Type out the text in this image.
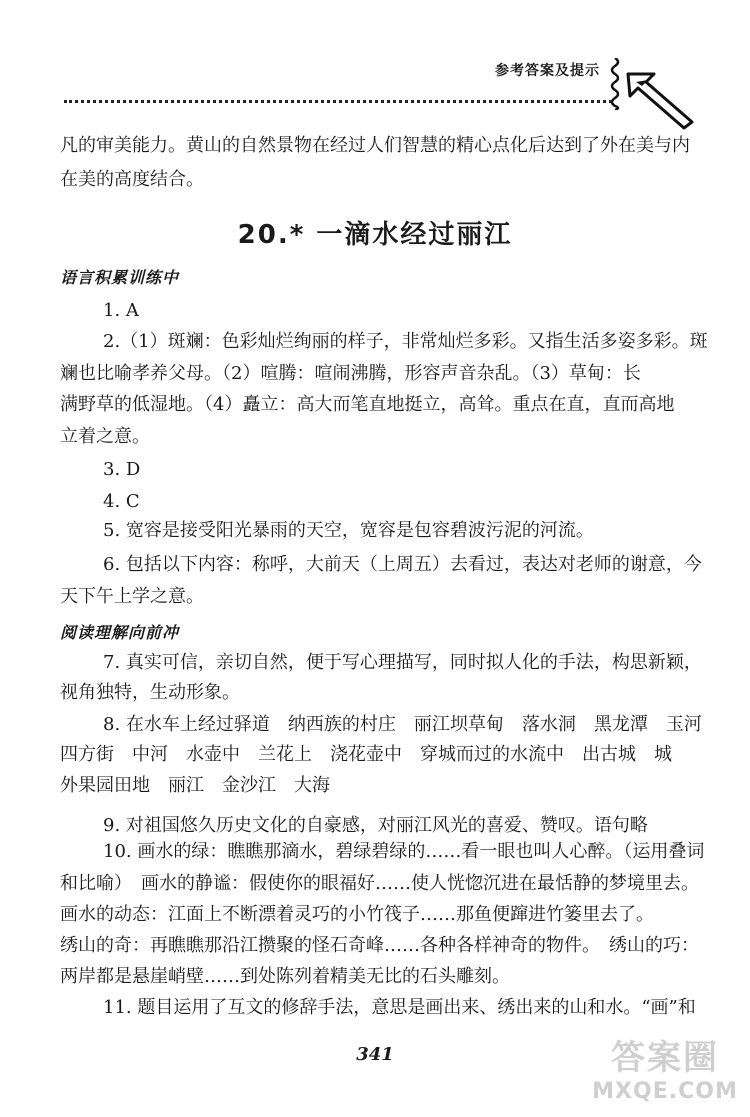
参考答案及提示
凡的审美能力。黄山的自然景物在经过人们智慧的精心点化后达到了外在美与内
在美的高度结合。
20.* 一滴水经过丽江
语言积累训练中
1. A
2.（1）斑斓：色彩灿烂绚丽的样子，非常灿烂多彩。又指生活多姿多彩。斑
斓也比喻孝养父母。（2）喧腾：喧闹沸腾，形容声音杂乱。（3）草甸：长
满野草的低湿地。（4）矗立：高大而笔直地挺立，高耸。重点在直，直而高地
立着之意。
3. D
4. C
5. 宽容是接受阳光暴雨的天空，宽容是包容碧波污泥的河流。
6. 包括以下内容：称呼，大前天（上周五）去看过，表达对老师的谢意，今
天下午上学之意。
阅读理解向前冲
7. 真实可信，亲切自然，便于写心理描写，同时拟人化的手法，构思新颖，
视角独特，生动形象。
8. 在水车上经过驿道　纳西族的村庄　丽江坝草甸　落水洞　黑龙潭　玉河
四方街　中河　水壶中　兰花上　浇花壶中　穿城而过的水流中　出古城　城
外果园田地　丽江　金沙江　大海
9. 对祖国悠久历史文化的自豪感，对丽江风光的喜爱、赞叹。语句略
10. 画水的绿：瞧瞧那滴水，碧绿碧绿的……看一眼也叫人心醉。（运用叠词
和比喻）　画水的静谧：假使你的眼福好……使人恍惚沉进在最恬静的梦境里去。
画水的动态：江面上不断漂着灵巧的小竹筏子……那鱼便蹿进竹篓里去了。
绣山的奇：再瞧瞧那沿江攒聚的怪石奇峰……各种各样神奇的物件。　绣山的巧：
两岸都是悬崖峭壁……到处陈列着精美无比的石头雕刻。
11. 题目运用了互文的修辞手法，意思是画出来、绣出来的山和水。“画”和
341	答案圈
MXQE.COM
